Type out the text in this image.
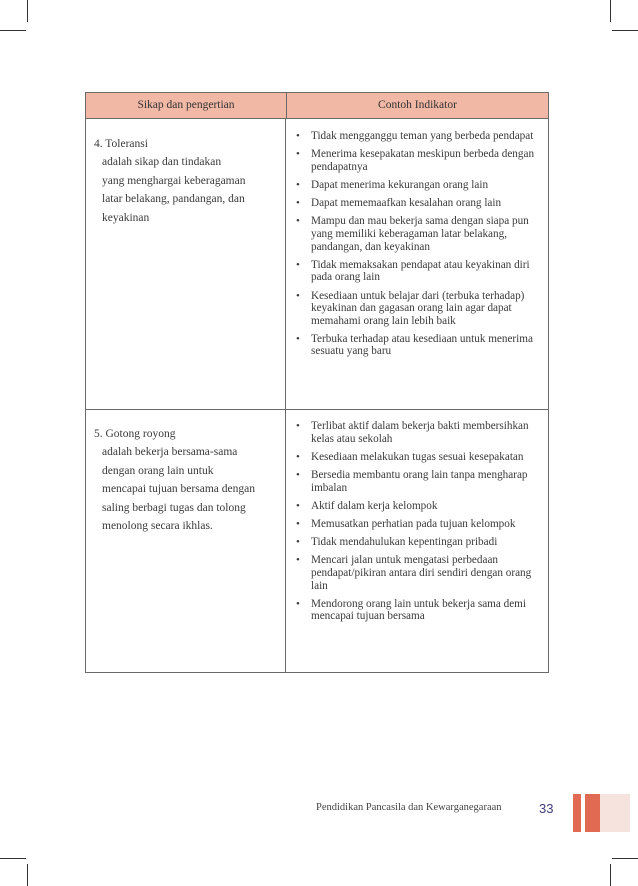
Sikap dan pengertian	Contoh Indikator
4. Toleransi
adalah sikap dan tindakan
yang menghargai keberagaman
latar belakang, pandangan, dan
keyakinan
• Tidak mengganggu teman yang berbeda pendapat
• Menerima kesepakatan meskipun berbeda dengan pendapatnya
• Dapat menerima kekurangan orang lain
• Dapat mememaafkan kesalahan orang lain
• Mampu dan mau bekerja sama dengan siapa pun yang memiliki keberagaman latar belakang, pandangan, dan keyakinan
• Tidak memaksakan pendapat atau keyakinan diri pada orang lain
• Kesediaan untuk belajar dari (terbuka terhadap) keyakinan dan gagasan orang lain agar dapat memahami orang lain lebih baik
• Terbuka terhadap atau kesediaan untuk menerima sesuatu yang baru
5. Gotong royong
adalah bekerja bersama-sama
dengan orang lain untuk
mencapai tujuan bersama dengan
saling berbagi tugas dan tolong
menolong secara ikhlas.
• Terlibat aktif dalam bekerja bakti membersihkan kelas atau sekolah
• Kesediaan melakukan tugas sesuai kesepakatan
• Bersedia membantu orang lain tanpa mengharap imbalan
• Aktif dalam kerja kelompok
• Memusatkan perhatian pada tujuan kelompok
• Tidak mendahulukan kepentingan pribadi
• Mencari jalan untuk mengatasi perbedaan pendapat/pikiran antara diri sendiri dengan orang lain
• Mendorong orang lain untuk bekerja sama demi mencapai tujuan bersama
Pendidikan Pancasila dan Kewarganegaraan	33
